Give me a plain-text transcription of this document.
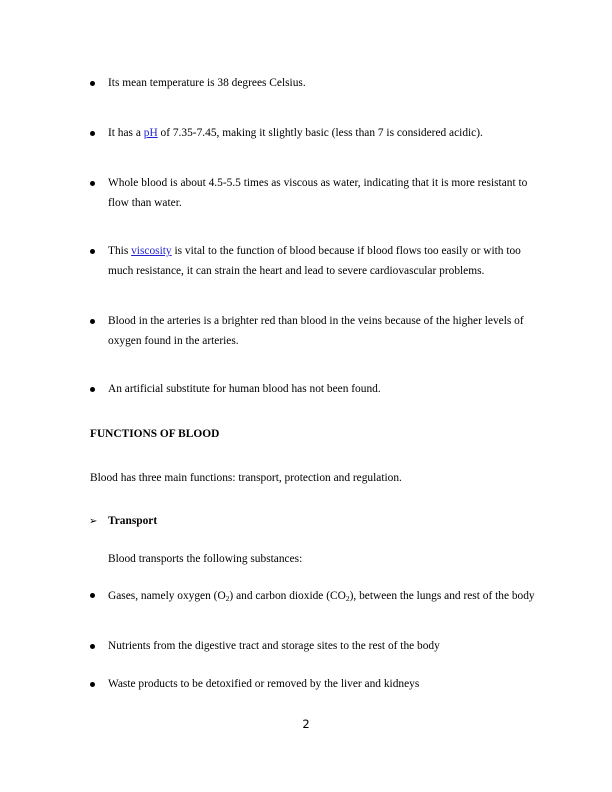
Its mean temperature is 38 degrees Celsius.
It has a pH of 7.35-7.45, making it slightly basic (less than 7 is considered acidic).
Whole blood is about 4.5-5.5 times as viscous as water, indicating that it is more resistant to flow than water.
This viscosity is vital to the function of blood because if blood flows too easily or with too much resistance, it can strain the heart and lead to severe cardiovascular problems.
Blood in the arteries is a brighter red than blood in the veins because of the higher levels of oxygen found in the arteries.
An artificial substitute for human blood has not been found.
FUNCTIONS OF BLOOD
Blood has three main functions: transport, protection and regulation.
➢ Transport
Blood transports the following substances:
Gases, namely oxygen $(O_2)$ and carbon dioxide $(CO_2)$, between the lungs and rest of the body
Nutrients from the digestive tract and storage sites to the rest of the body
Waste products to be detoxified or removed by the liver and kidneys
2
